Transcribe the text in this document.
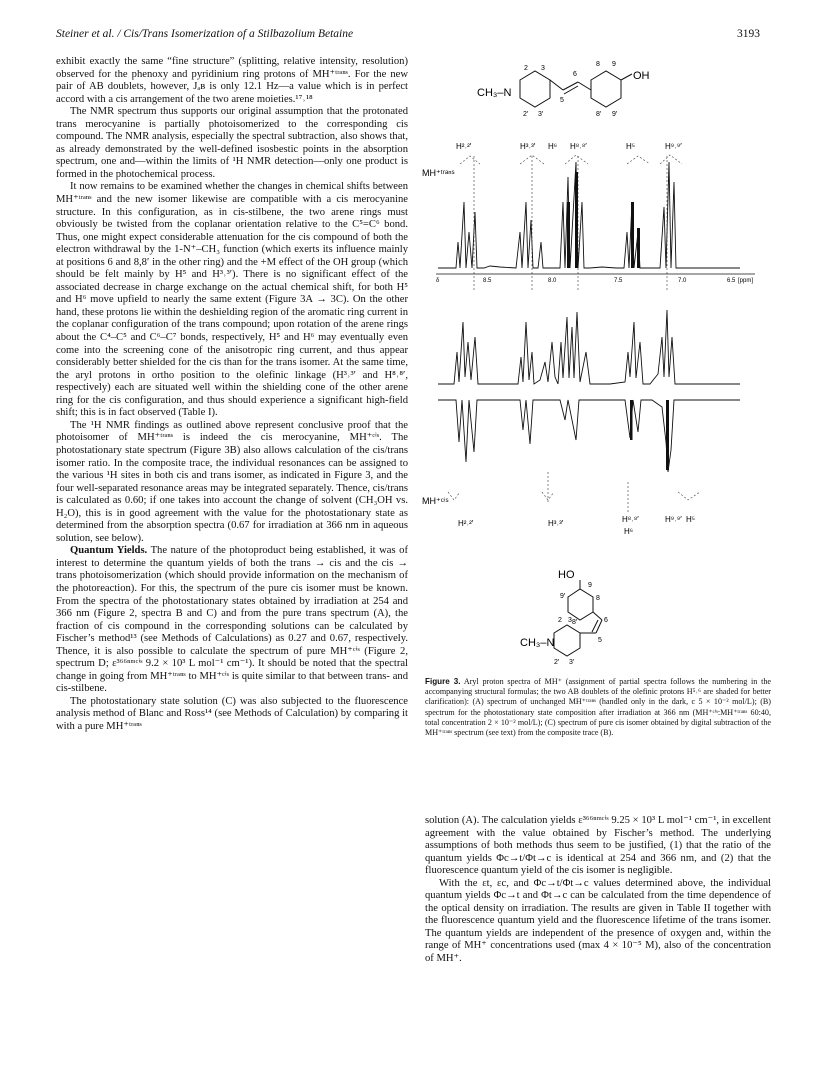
Steiner et al. / Cis/Trans Isomerization of a Stilbazolium Betaine	3193

exhibit exactly the same “fine structure” (splitting, relative intensity, resolution) observed for the phenoxy and pyridinium ring protons of MH⁺ᵗʳᵃⁿˢ. For the new pair of AB doublets, however, Jₐʙ is only 12.1 Hz—a value which is in perfect accord with a cis arrangement of the two arene moieties.¹⁷˒¹⁸

The NMR spectrum thus supports our original assumption that the protonated trans merocyanine is partially photoisomerized to the corresponding cis compound. The NMR analysis, especially the spectral subtraction, also shows that, as already demonstrated by the well-defined isosbestic points in the absorption spectrum, one and—within the limits of ¹H NMR detection—only one product is formed in the photochemical process.

It now remains to be examined whether the changes in chemical shifts between MH⁺ᵗʳᵃⁿˢ and the new isomer likewise are compatible with a cis merocyanine structure. In this configuration, as in cis-stilbene, the two arene rings must obviously be twisted from the coplanar orientation relative to the C⁵=C⁶ bond. Thus, one might expect considerable attenuation for the cis compound of both the electron withdrawal by the 1-N⁺–CH₃ function (which exerts its influence mainly at positions 6 and 8,8′ in the other ring) and the +M effect of the OH group (which should be felt mainly by H⁵ and H³˒³′). There is no significant effect of the associated decrease in charge exchange on the actual chemical shift, for both H⁵ and H⁶ move upfield to nearly the same extent (Figure 3A → 3C). On the other hand, these protons lie within the deshielding region of the aromatic ring current in the coplanar configuration of the trans compound; upon rotation of the arene rings about the C⁴–C⁵ and C⁶–C⁷ bonds, respectively, H⁵ and H⁶ may eventually even come into the screening cone of the anisotropic ring current, and thus appear considerably better shielded for the cis than for the trans isomer. At the same time, the aryl protons in ortho position to the olefinic linkage (H³˒³′ and H⁸˒⁸′, respectively) each are situated well within the shielding cone of the other arene ring for the cis configuration, and thus should experience a significant high-field shift; this is in fact observed (Table I).

The ¹H NMR findings as outlined above represent conclusive proof that the photoisomer of MH⁺ᵗʳᵃⁿˢ is indeed the cis merocyanine, MH⁺ᶜⁱˢ. The photostationary state spectrum (Figure 3B) also allows calculation of the cis/trans isomer ratio. In the composite trace, the individual resonances can be assigned to the various ¹H sites in both cis and trans isomer, as indicated in Figure 3, and the four well-separated resonance areas may be integrated separately. Thence, cis/trans is calculated as 0.60; if one takes into account the change of solvent (CH₃OH vs. H₂O), this is in good agreement with the value for the photostationary state as determined from the absorption spectra (0.67 for irradiation at 366 nm in aqueous solution, see below).

Quantum Yields. The nature of the photoproduct being established, it was of interest to determine the quantum yields of both the trans → cis and the cis → trans photoisomerization (which should provide information on the mechanism of the photoreaction). For this, the spectrum of the pure cis isomer must be known. From the spectra of the photostationary states obtained by irradiation at 254 and 366 nm (Figure 2, spectra B and C) and from the pure trans spectrum (A), the fraction of cis compound in the corresponding solutions can be calculated by Fischer’s method¹³ (see Methods of Calculations) as 0.27 and 0.67, respectively. Thence, it is also possible to calculate the spectrum of pure MH⁺ᶜⁱˢ (Figure 2, spectrum D; ε³⁶⁶ⁿᵐᶜⁱˢ 9.2 × 10³ L mol⁻¹ cm⁻¹). It should be noted that the spectral change in going from MH⁺ᵗʳᵃⁿˢ to MH⁺ᶜⁱˢ is quite similar to that between trans- and cis-stilbene.

The photostationary state solution (C) was also subjected to the fluorescence analysis method of Blanc and Ross¹⁴ (see Methods of Calculation) by comparing it with a pure MH⁺ᵗʳᵃⁿˢ

CH₃–N
OH
2 3
6
8 9
2′ 3′
5
8′ 9′
H²˒²′	H³˒³′ H⁶ H⁸˒⁸′	H⁵	H⁹˒⁹′
MH⁺ᵗʳᵃⁿˢ
δ	8.5	8.0	7.5	7.0	6.5 [ppm]
MH⁺ᶜⁱˢ
H²˒²′	H³˒³′	H⁸˒⁸′
H⁶
H⁹˒⁹′ H⁵
HO
CH₃–N
9
9′	8
8′
3
2	6
5
2′ 3′
Figure 3. Aryl proton spectra of MH⁺ (assignment of partial spectra follows the numbering in the accompanying structural formulas; the two AB doublets of the olefinic protons H⁵˒⁶ are shaded for better clarification): (A) spectrum of unchanged MH⁺ᵗʳᵃⁿˢ (handled only in the dark, c 5 × 10⁻² mol/L); (B) spectrum for the photostationary state composition after irradiation at 366 nm (MH⁺ᶜⁱˢ:MH⁺ᵗʳᵃⁿˢ 60:40, total concentration 2 × 10⁻² mol/L); (C) spectrum of pure cis isomer obtained by digital subtraction of the MH⁺ᵗʳᵃⁿˢ spectrum (see text) from the composite trace (B).

solution (A). The calculation yields ε³⁶⁶ⁿᵐᶜⁱˢ 9.25 × 10³ L mol⁻¹ cm⁻¹, in excellent agreement with the value obtained by Fischer’s method. The underlying assumptions of both methods thus seem to be justified, (1) that the ratio of the quantum yields Φc→t/Φt→c is identical at 254 and 366 nm, and (2) that the fluorescence quantum yield of the cis isomer is negligible.

With the εt, εc, and Φc→t/Φt→c values determined above, the individual quantum yields Φc→t and Φt→c can be calculated from the time dependence of the optical density on irradiation. The results are given in Table II together with the fluorescence quantum yield and the fluorescence lifetime of the trans isomer. The quantum yields are independent of the presence of oxygen and, within the range of MH⁺ concentrations used (max 4 × 10⁻⁵ M), also of the concentration of MH⁺.
